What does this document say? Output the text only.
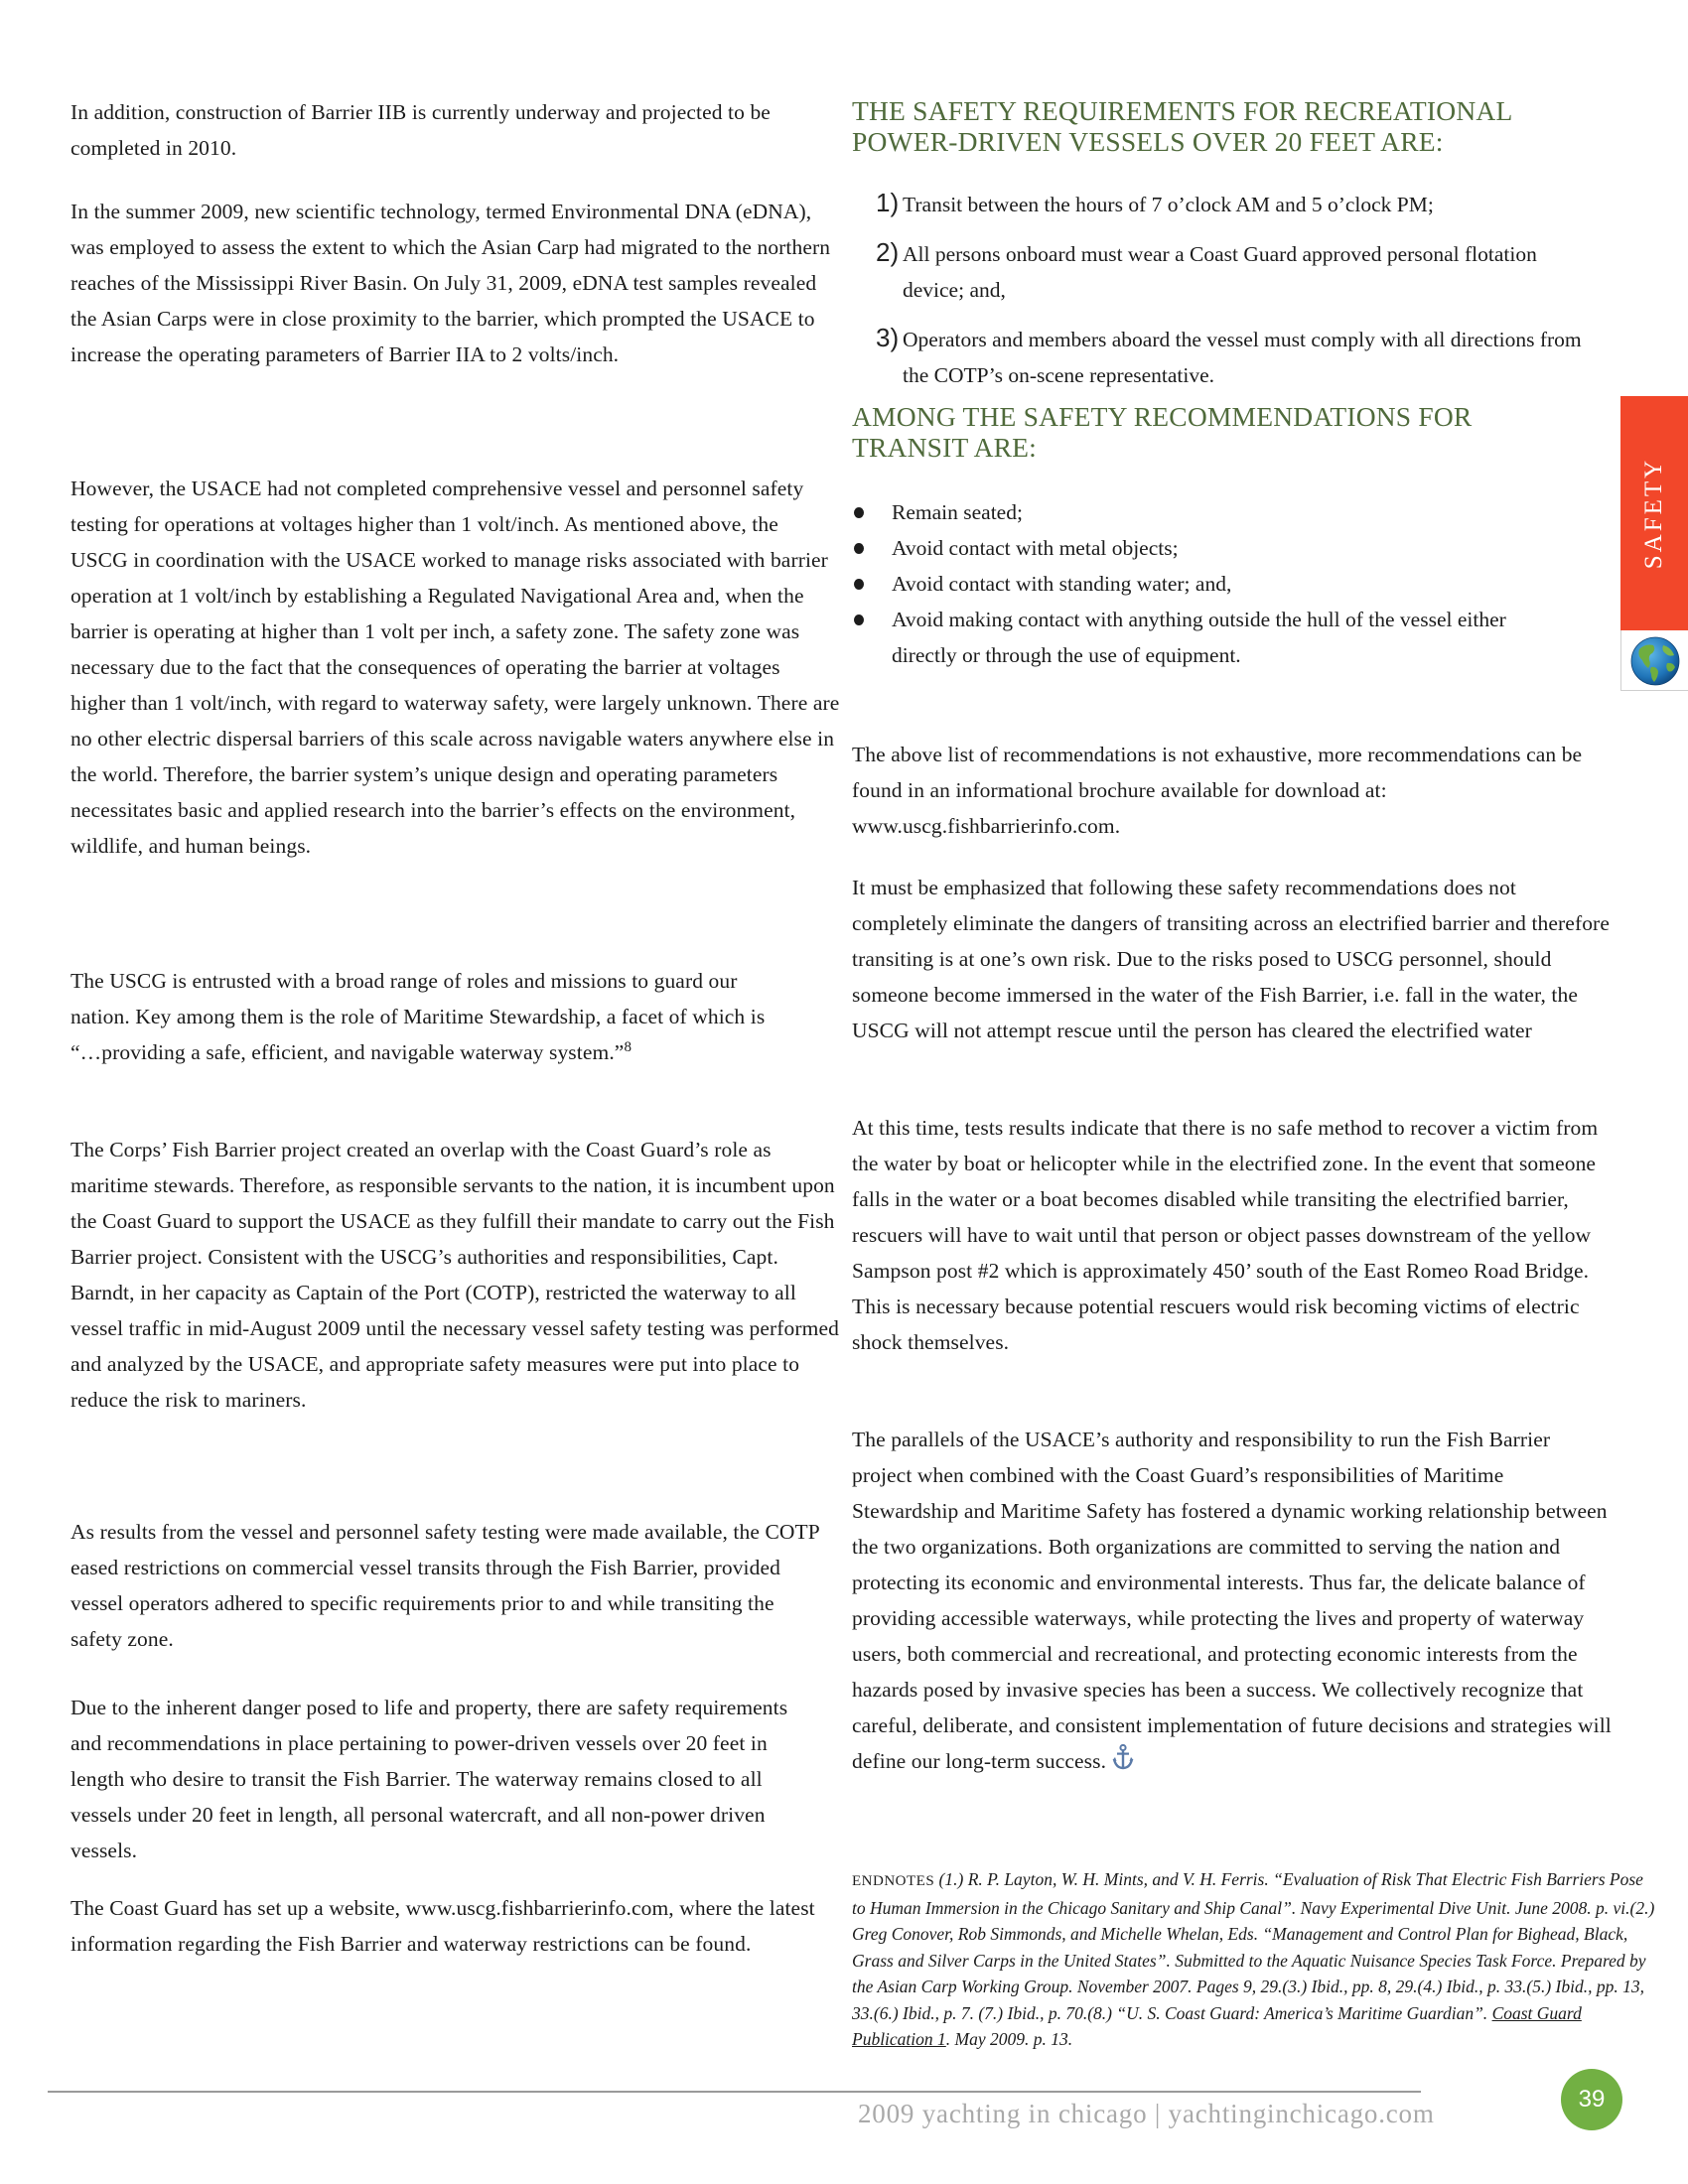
In addition, construction of Barrier IIB is currently underway and projected to be completed in 2010.

In the summer 2009, new scientific technology, termed Environmental DNA (eDNA), was employed to assess the extent to which the Asian Carp had migrated to the northern reaches of the Mississippi River Basin. On July 31, 2009, eDNA test samples revealed the Asian Carps were in close proximity to the barrier, which prompted the USACE to increase the operating parameters of Barrier IIA to 2 volts/inch.

However, the USACE had not completed comprehensive vessel and personnel safety testing for operations at voltages higher than 1 volt/inch. As mentioned above, the USCG in coordination with the USACE worked to manage risks associated with barrier operation at 1 volt/inch by establishing a Regulated Navigational Area and, when the barrier is operating at higher than 1 volt per inch, a safety zone. The safety zone was necessary due to the fact that the consequences of operating the barrier at voltages higher than 1 volt/inch, with regard to waterway safety, were largely unknown. There are no other electric dispersal barriers of this scale across navigable waters anywhere else in the world. Therefore, the barrier system’s unique design and operating parameters necessitates basic and applied research into the barrier’s effects on the environment, wildlife, and human beings.

The USCG is entrusted with a broad range of roles and missions to guard our nation. Key among them is the role of Maritime Stewardship, a facet of which is “…providing a safe, efficient, and navigable waterway system.”$^8$

The Corps’ Fish Barrier project created an overlap with the Coast Guard’s role as maritime stewards. Therefore, as responsible servants to the nation, it is incumbent upon the Coast Guard to support the USACE as they fulfill their mandate to carry out the Fish Barrier project. Consistent with the USCG’s authorities and responsibilities, Capt. Barndt, in her capacity as Captain of the Port (COTP), restricted the waterway to all vessel traffic in mid-August 2009 until the necessary vessel safety testing was performed and analyzed by the USACE, and appropriate safety measures were put into place to reduce the risk to mariners.

As results from the vessel and personnel safety testing were made available, the COTP eased restrictions on commercial vessel transits through the Fish Barrier, provided vessel operators adhered to specific requirements prior to and while transiting the safety zone.

Due to the inherent danger posed to life and property, there are safety requirements and recommendations in place pertaining to power-driven vessels over 20 feet in length who desire to transit the Fish Barrier. The waterway remains closed to all vessels under 20 feet in length, all personal watercraft, and all non-power driven vessels.

The Coast Guard has set up a website, www.uscg.fishbarrierinfo.com, where the latest information regarding the Fish Barrier and waterway restrictions can be found.

THE SAFETY REQUIREMENTS FOR RECREATIONAL POWER-DRIVEN VESSELS OVER 20 FEET ARE:
1) Transit between the hours of 7 o’clock AM and 5 o’clock PM;
2) All persons onboard must wear a Coast Guard approved personal flotation device; and,
3) Operators and members aboard the vessel must comply with all directions from the COTP’s on-scene representative.
AMONG THE SAFETY RECOMMENDATIONS FOR TRANSIT ARE:
Remain seated;
Avoid contact with metal objects;
Avoid contact with standing water; and,
Avoid making contact with anything outside the hull of the vessel either directly or through the use of equipment.

The above list of recommendations is not exhaustive, more recommendations can be found in an informational brochure available for download at: www.uscg.fishbarrierinfo.com.

It must be emphasized that following these safety recommendations does not completely eliminate the dangers of transiting across an electrified barrier and therefore transiting is at one’s own risk. Due to the risks posed to USCG personnel, should someone become immersed in the water of the Fish Barrier, i.e. fall in the water, the USCG will not attempt rescue until the person has cleared the electrified water

At this time, tests results indicate that there is no safe method to recover a victim from the water by boat or helicopter while in the electrified zone. In the event that someone falls in the water or a boat becomes disabled while transiting the electrified barrier, rescuers will have to wait until that person or object passes downstream of the yellow Sampson post #2 which is approximately 450’ south of the East Romeo Road Bridge. This is necessary because potential rescuers would risk becoming victims of electric shock themselves.

The parallels of the USACE’s authority and responsibility to run the Fish Barrier project when combined with the Coast Guard’s responsibilities of Maritime Stewardship and Maritime Safety has fostered a dynamic working relationship between the two organizations. Both organizations are committed to serving the nation and protecting its economic and environmental interests. Thus far, the delicate balance of providing accessible waterways, while protecting the lives and property of waterway users, both commercial and recreational, and protecting economic interests from the hazards posed by invasive species has been a success. We collectively recognize that careful, deliberate, and consistent implementation of future decisions and strategies will define our long-term success.

ENDNOTES (1.) R. P. Layton, W. H. Mints, and V. H. Ferris. “Evaluation of Risk That Electric Fish Barriers Pose to Human Immersion in the Chicago Sanitary and Ship Canal”. Navy Experimental Dive Unit. June 2008. p. vi.(2.) Greg Conover, Rob Simmonds, and Michelle Whelan, Eds. “Management and Control Plan for Bighead, Black, Grass and Silver Carps in the United States”. Submitted to the Aquatic Nuisance Species Task Force. Prepared by the Asian Carp Working Group. November 2007. Pages 9, 29.(3.) Ibid., pp. 8, 29.(4.) Ibid., p. 33.(5.) Ibid., pp. 13, 33.(6.) Ibid., p. 7. (7.) Ibid., p. 70.(8.) “U. S. Coast Guard: America’s Maritime Guardian”. Coast Guard Publication 1. May 2009. p. 13.
SAFETY
2009 yachting in chicago | yachtinginchicago.com	39
